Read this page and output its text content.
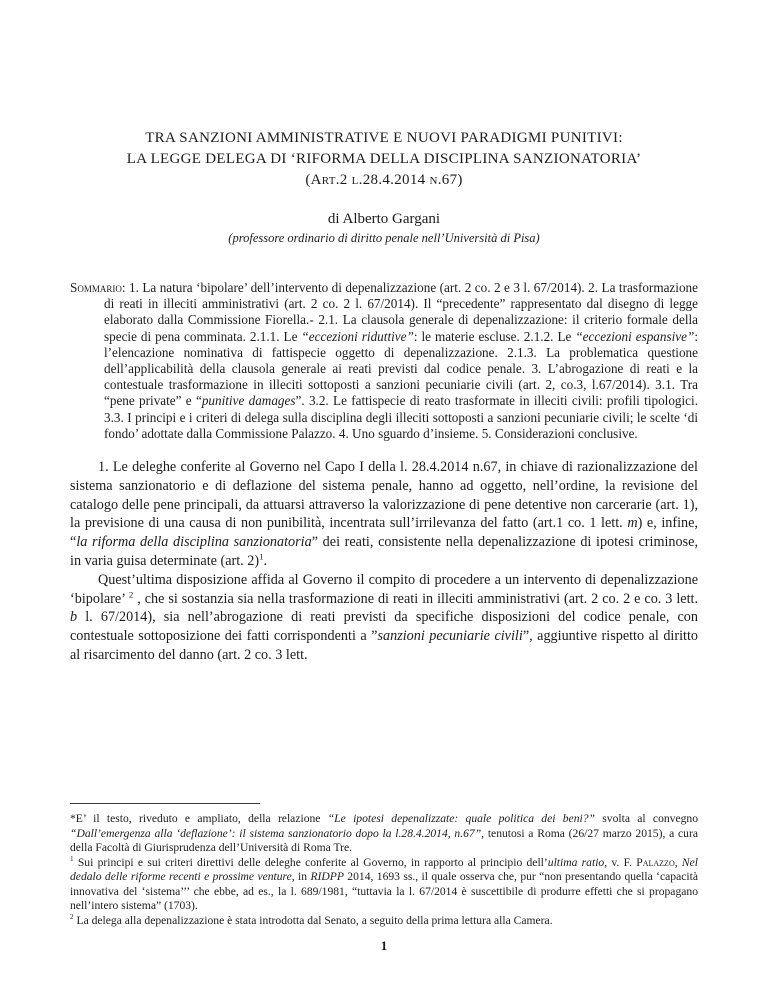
TRA SANZIONI AMMINISTRATIVE E NUOVI PARADIGMI PUNITIVI:
LA LEGGE DELEGA DI ‘RIFORMA DELLA DISCIPLINA SANZIONATORIA’
(Art.2 l.28.4.2014 n.67)
di Alberto Gargani
(professore ordinario di diritto penale nell’Università di Pisa)

Sommario: 1. La natura ‘bipolare’ dell’intervento di depenalizzazione (art. 2 co. 2 e 3 l. 67/2014). 2. La trasformazione di reati in illeciti amministrativi (art. 2 co. 2 l. 67/2014). Il “precedente” rappresentato dal disegno di legge elaborato dalla Commissione Fiorella.- 2.1. La clausola generale di depenalizzazione: il criterio formale della specie di pena comminata. 2.1.1. Le “eccezioni riduttive”: le materie escluse. 2.1.2. Le “eccezioni espansive”: l’elencazione nominativa di fattispecie oggetto di depenalizzazione. 2.1.3. La problematica questione dell’applicabilità della clausola generale ai reati previsti dal codice penale. 3. L’abrogazione di reati e la contestuale trasformazione in illeciti sottoposti a sanzioni pecuniarie civili (art. 2, co.3, l.67/2014). 3.1. Tra “pene private” e “punitive damages”. 3.2. Le fattispecie di reato trasformate in illeciti civili: profili tipologici. 3.3. I principi e i criteri di delega sulla disciplina degli illeciti sottoposti a sanzioni pecuniarie civili; le scelte ‘di fondo’ adottate dalla Commissione Palazzo. 4. Uno sguardo d’insieme. 5. Considerazioni conclusive.

1. Le deleghe conferite al Governo nel Capo I della l. 28.4.2014 n.67, in chiave di razionalizzazione del sistema sanzionatorio e di deflazione del sistema penale, hanno ad oggetto, nell’ordine, la revisione del catalogo delle pene principali, da attuarsi attraverso la valorizzazione di pene detentive non carcerarie (art. 1), la previsione di una causa di non punibilità, incentrata sull’irrilevanza del fatto (art.1 co. 1 lett. m) e, infine, “la riforma della disciplina sanzionatoria” dei reati, consistente nella depenalizzazione di ipotesi criminose, in varia guisa determinate (art. 2)$^1$.

Quest’ultima disposizione affida al Governo il compito di procedere a un intervento di depenalizzazione ‘bipolare’ $^2$ , che si sostanzia sia nella trasformazione di reati in illeciti amministrativi (art. 2 co. 2 e co. 3 lett. b l. 67/2014), sia nell’abrogazione di reati previsti da specifiche disposizioni del codice penale, con contestuale sottoposizione dei fatti corrispondenti a ”sanzioni pecuniarie civili”, aggiuntive rispetto al diritto al risarcimento del danno (art. 2 co. 3 lett.

*E’ il testo, riveduto e ampliato, della relazione “Le ipotesi depenalizzate: quale politica dei beni?” svolta al convegno “Dall’emergenza alla ‘deflazione’: il sistema sanzionatorio dopo la l.28.4.2014, n.67”, tenutosi a Roma (26/27 marzo 2015), a cura della Facoltà di Giurisprudenza dell’Università di Roma Tre.

$^1$ Sui principi e sui criteri direttivi delle deleghe conferite al Governo, in rapporto al principio dell’ultima ratio, v. F. Palazzo, Nel dedalo delle riforme recenti e prossime venture, in RIDPP 2014, 1693 ss., il quale osserva che, pur “non presentando quella ‘capacità innovativa del ‘sistema’’’ che ebbe, ad es., la l. 689/1981, “tuttavia la l. 67/2014 è suscettibile di produrre effetti che si propagano nell’intero sistema” (1703).

$^2$ La delega alla depenalizzazione è stata introdotta dal Senato, a seguito della prima lettura alla Camera.

1
